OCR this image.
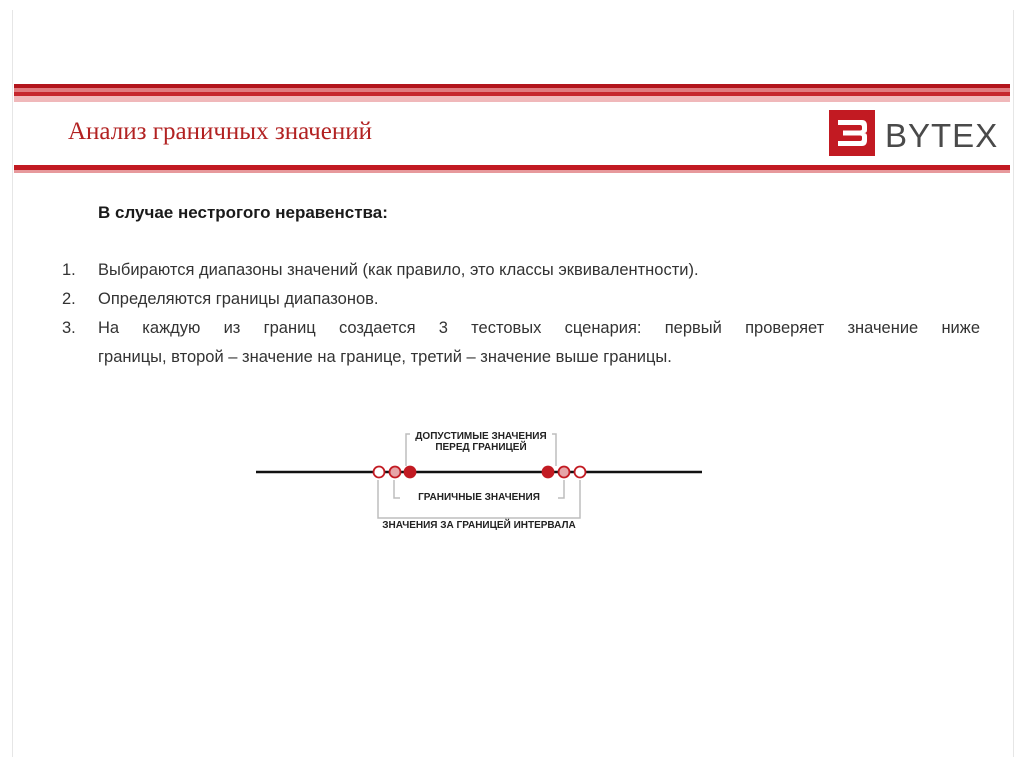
Анализ граничных значений	BYTEX
В случае нестрогого неравенства:
1. Выбираются диапазоны значений (как правило, это классы эквивалентности).
2. Определяются границы диапазонов.
3. На каждую из границ создается 3 тестовых сценария: первый проверяет значение ниже
границы, второй – значение на границе, третий – значение выше границы.
ДОПУСТИМЫЕ ЗНАЧЕНИЯ
ПЕРЕД ГРАНИЦЕЙ
ГРАНИЧНЫЕ ЗНАЧЕНИЯ
ЗНАЧЕНИЯ ЗА ГРАНИЦЕЙ ИНТЕРВАЛА
